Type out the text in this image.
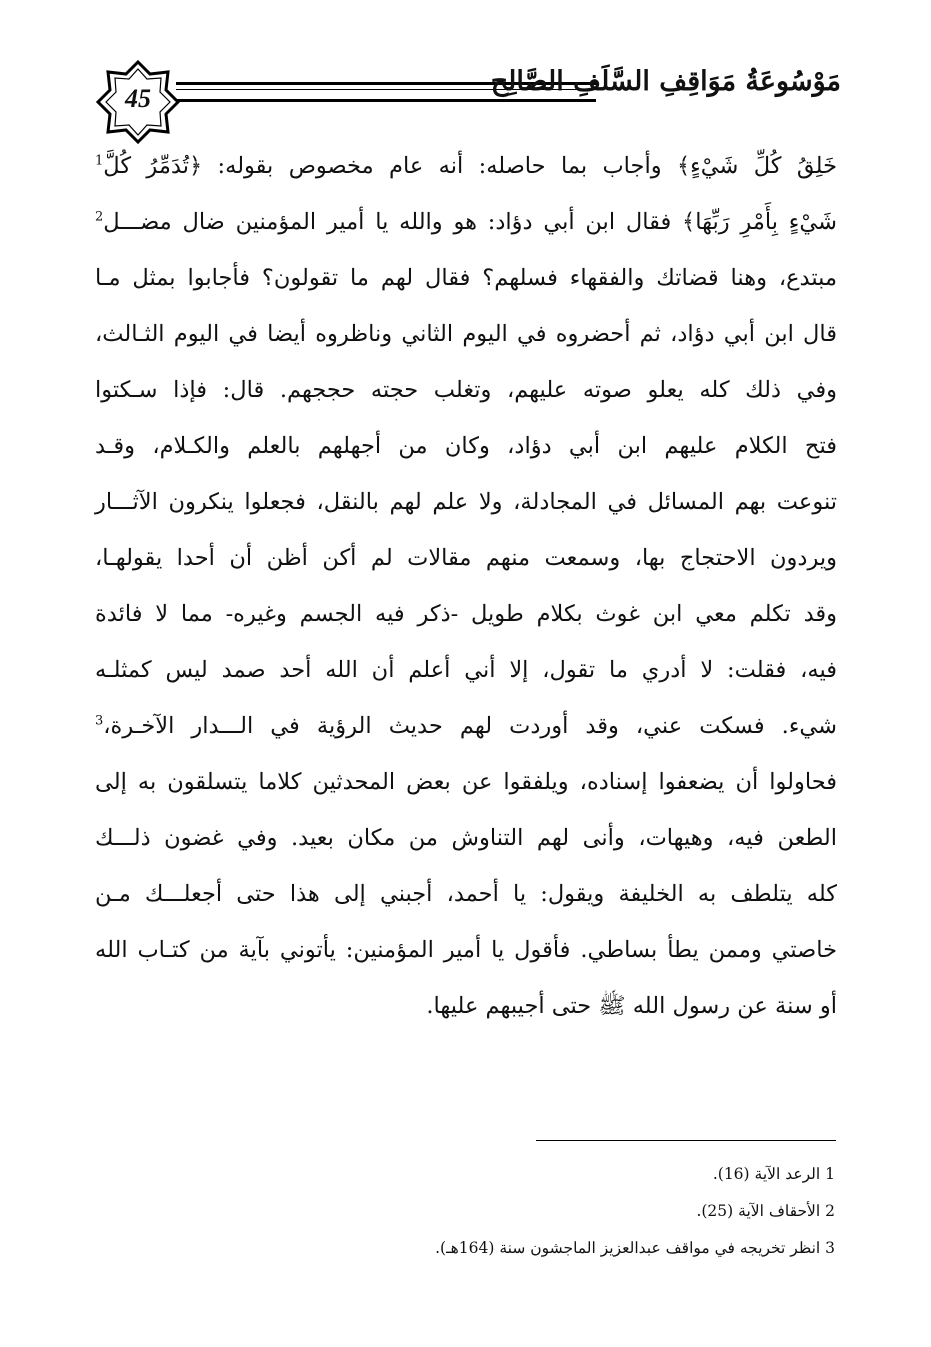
45
مَوْسُوعَةُ مَوَاقِفِ السَّلَفِ الصَّالِح

خَلِقُ كُلِّ شَيْءٍ﴾ وأجاب بما حاصله: أنه عام مخصوص بقوله: ﴿تُدَمِّرُ كُلَّ$^1$

شَيْءٍ بِأَمْرِ رَبِّهَا﴾ فقال ابن أبي دؤاد: هو والله يا أمير المؤمنين ضال مضـــل$^2$

مبتدع، وهنا قضاتك والفقهاء فسلهم؟ فقال لهم ما تقولون؟ فأجابوا بمثل مـا

قال ابن أبي دؤاد، ثم أحضروه في اليوم الثاني وناظروه أيضا في اليوم الثـالث،

وفي ذلك كله يعلو صوته عليهم، وتغلب حجته حججهم. قال: فإذا سـكتوا

فتح الكلام عليهم ابن أبي دؤاد، وكان من أجهلهم بالعلم والكـلام، وقـد

تنوعت بهم المسائل في المجادلة، ولا علم لهم بالنقل، فجعلوا ينكرون الآثـــار

ويردون الاحتجاج بها، وسمعت منهم مقالات لم أكن أظن أن أحدا يقولهـا،

وقد تكلم معي ابن غوث بكلام طويل -ذكر فيه الجسم وغيره- مما لا فائدة

فيه، فقلت: لا أدري ما تقول، إلا أني أعلم أن الله أحد صمد ليس كمثلـه

شيء. فسكت عني، وقد أوردت لهم حديث الرؤية في الـــدار الآخـرة،$^3$

فحاولوا أن يضعفوا إسناده، ويلفقوا عن بعض المحدثين كلاما يتسلقون به إلى

الطعن فيه، وهيهات، وأنى لهم التناوش من مكان بعيد. وفي غضون ذلـــك

كله يتلطف به الخليفة ويقول: يا أحمد، أجبني إلى هذا حتى أجعلـــك مـن

خاصتي وممن يطأ بساطي. فأقول يا أمير المؤمنين: يأتوني بآية من كتـاب الله

أو سنة عن رسول الله ﷺ حتى أجيبهم عليها.

1 الرعد الآية (16).
2 الأحقاف الآية (25).
3 انظر تخريجه في مواقف عبدالعزيز الماجشون سنة (164هـ).
